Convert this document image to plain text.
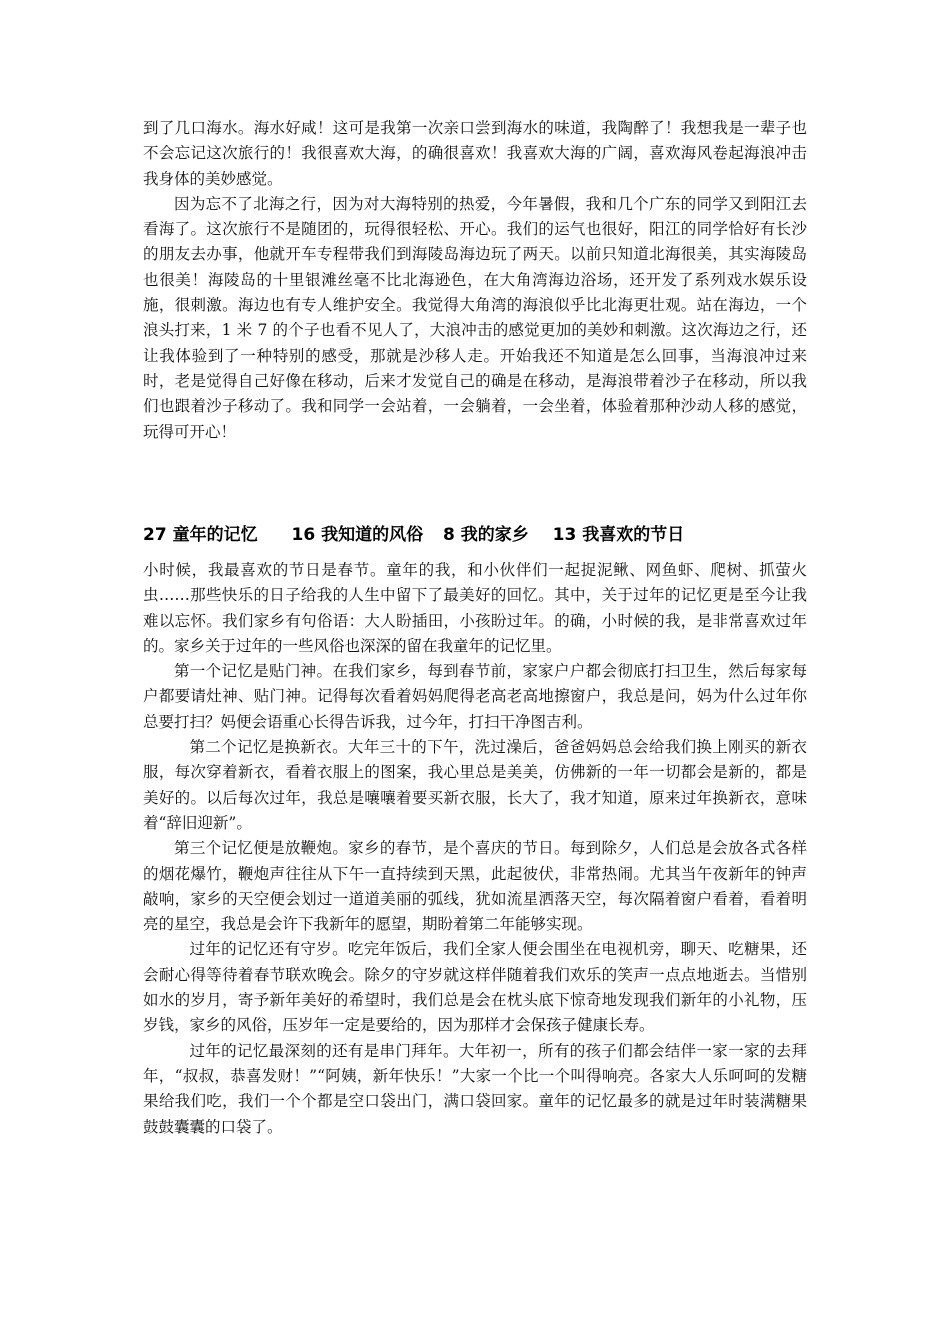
到了几口海水。海水好咸！这可是我第一次亲口尝到海水的味道，我陶醉了！我想我是一辈子也不会忘记这次旅行的！我很喜欢大海，的确很喜欢！我喜欢大海的广阔，喜欢海风卷起海浪冲击我身体的美妙感觉。

因为忘不了北海之行，因为对大海特别的热爱，今年暑假，我和几个广东的同学又到阳江去看海了。这次旅行不是随团的，玩得很轻松、开心。我们的运气也很好，阳江的同学恰好有长沙的朋友去办事，他就开车专程带我们到海陵岛海边玩了两天。以前只知道北海很美，其实海陵岛也很美！海陵岛的十里银滩丝毫不比北海逊色，在大角湾海边浴场，还开发了系列戏水娱乐设施，很刺激。海边也有专人维护安全。我觉得大角湾的海浪似乎比北海更壮观。站在海边，一个浪头打来，1 米 7 的个子也看不见人了，大浪冲击的感觉更加的美妙和刺激。这次海边之行，还让我体验到了一种特别的感受，那就是沙移人走。开始我还不知道是怎么回事，当海浪冲过来时，老是觉得自己好像在移动，后来才发觉自己的确是在移动，是海浪带着沙子在移动，所以我们也跟着沙子移动了。我和同学一会站着，一会躺着，一会坐着，体验着那种沙动人移的感觉，玩得可开心！

27 童年的记忆 16 我知道的风俗 8 我的家乡 13 我喜欢的节日

小时候，我最喜欢的节日是春节。童年的我，和小伙伴们一起捉泥鳅、网鱼虾、爬树、抓萤火虫……那些快乐的日子给我的人生中留下了最美好的回忆。其中，关于过年的记忆更是至今让我难以忘怀。我们家乡有句俗语：大人盼插田，小孩盼过年。的确，小时候的我，是非常喜欢过年的。家乡关于过年的一些风俗也深深的留在我童年的记忆里。

第一个记忆是贴门神。在我们家乡，每到春节前，家家户户都会彻底打扫卫生，然后每家每户都要请灶神、贴门神。记得每次看着妈妈爬得老高老高地擦窗户，我总是问，妈为什么过年你总要打扫？妈便会语重心长得告诉我，过今年，打扫干净图吉利。

第二个记忆是换新衣。大年三十的下午，洗过澡后，爸爸妈妈总会给我们换上刚买的新衣服，每次穿着新衣，看着衣服上的图案，我心里总是美美，仿佛新的一年一切都会是新的，都是美好的。以后每次过年，我总是嚷嚷着要买新衣服，长大了，我才知道，原来过年换新衣，意味着“辞旧迎新”。

第三个记忆便是放鞭炮。家乡的春节，是个喜庆的节日。每到除夕，人们总是会放各式各样的烟花爆竹，鞭炮声往往从下午一直持续到天黑，此起彼伏，非常热闹。尤其当午夜新年的钟声敲响，家乡的天空便会划过一道道美丽的弧线，犹如流星洒落天空，每次隔着窗户看着，看着明亮的星空，我总是会许下我新年的愿望，期盼着第二年能够实现。

过年的记忆还有守岁。吃完年饭后，我们全家人便会围坐在电视机旁，聊天、吃糖果，还会耐心得等待着春节联欢晚会。除夕的守岁就这样伴随着我们欢乐的笑声一点点地逝去。当惜别如水的岁月，寄予新年美好的希望时，我们总是会在枕头底下惊奇地发现我们新年的小礼物，压岁钱，家乡的风俗，压岁年一定是要给的，因为那样才会保孩子健康长寿。

过年的记忆最深刻的还有是串门拜年。大年初一，所有的孩子们都会结伴一家一家的去拜年，“叔叔，恭喜发财！”“阿姨，新年快乐！”大家一个比一个叫得响亮。各家大人乐呵呵的发糖果给我们吃，我们一个个都是空口袋出门，满口袋回家。童年的记忆最多的就是过年时装满糖果鼓鼓囊囊的口袋了。
